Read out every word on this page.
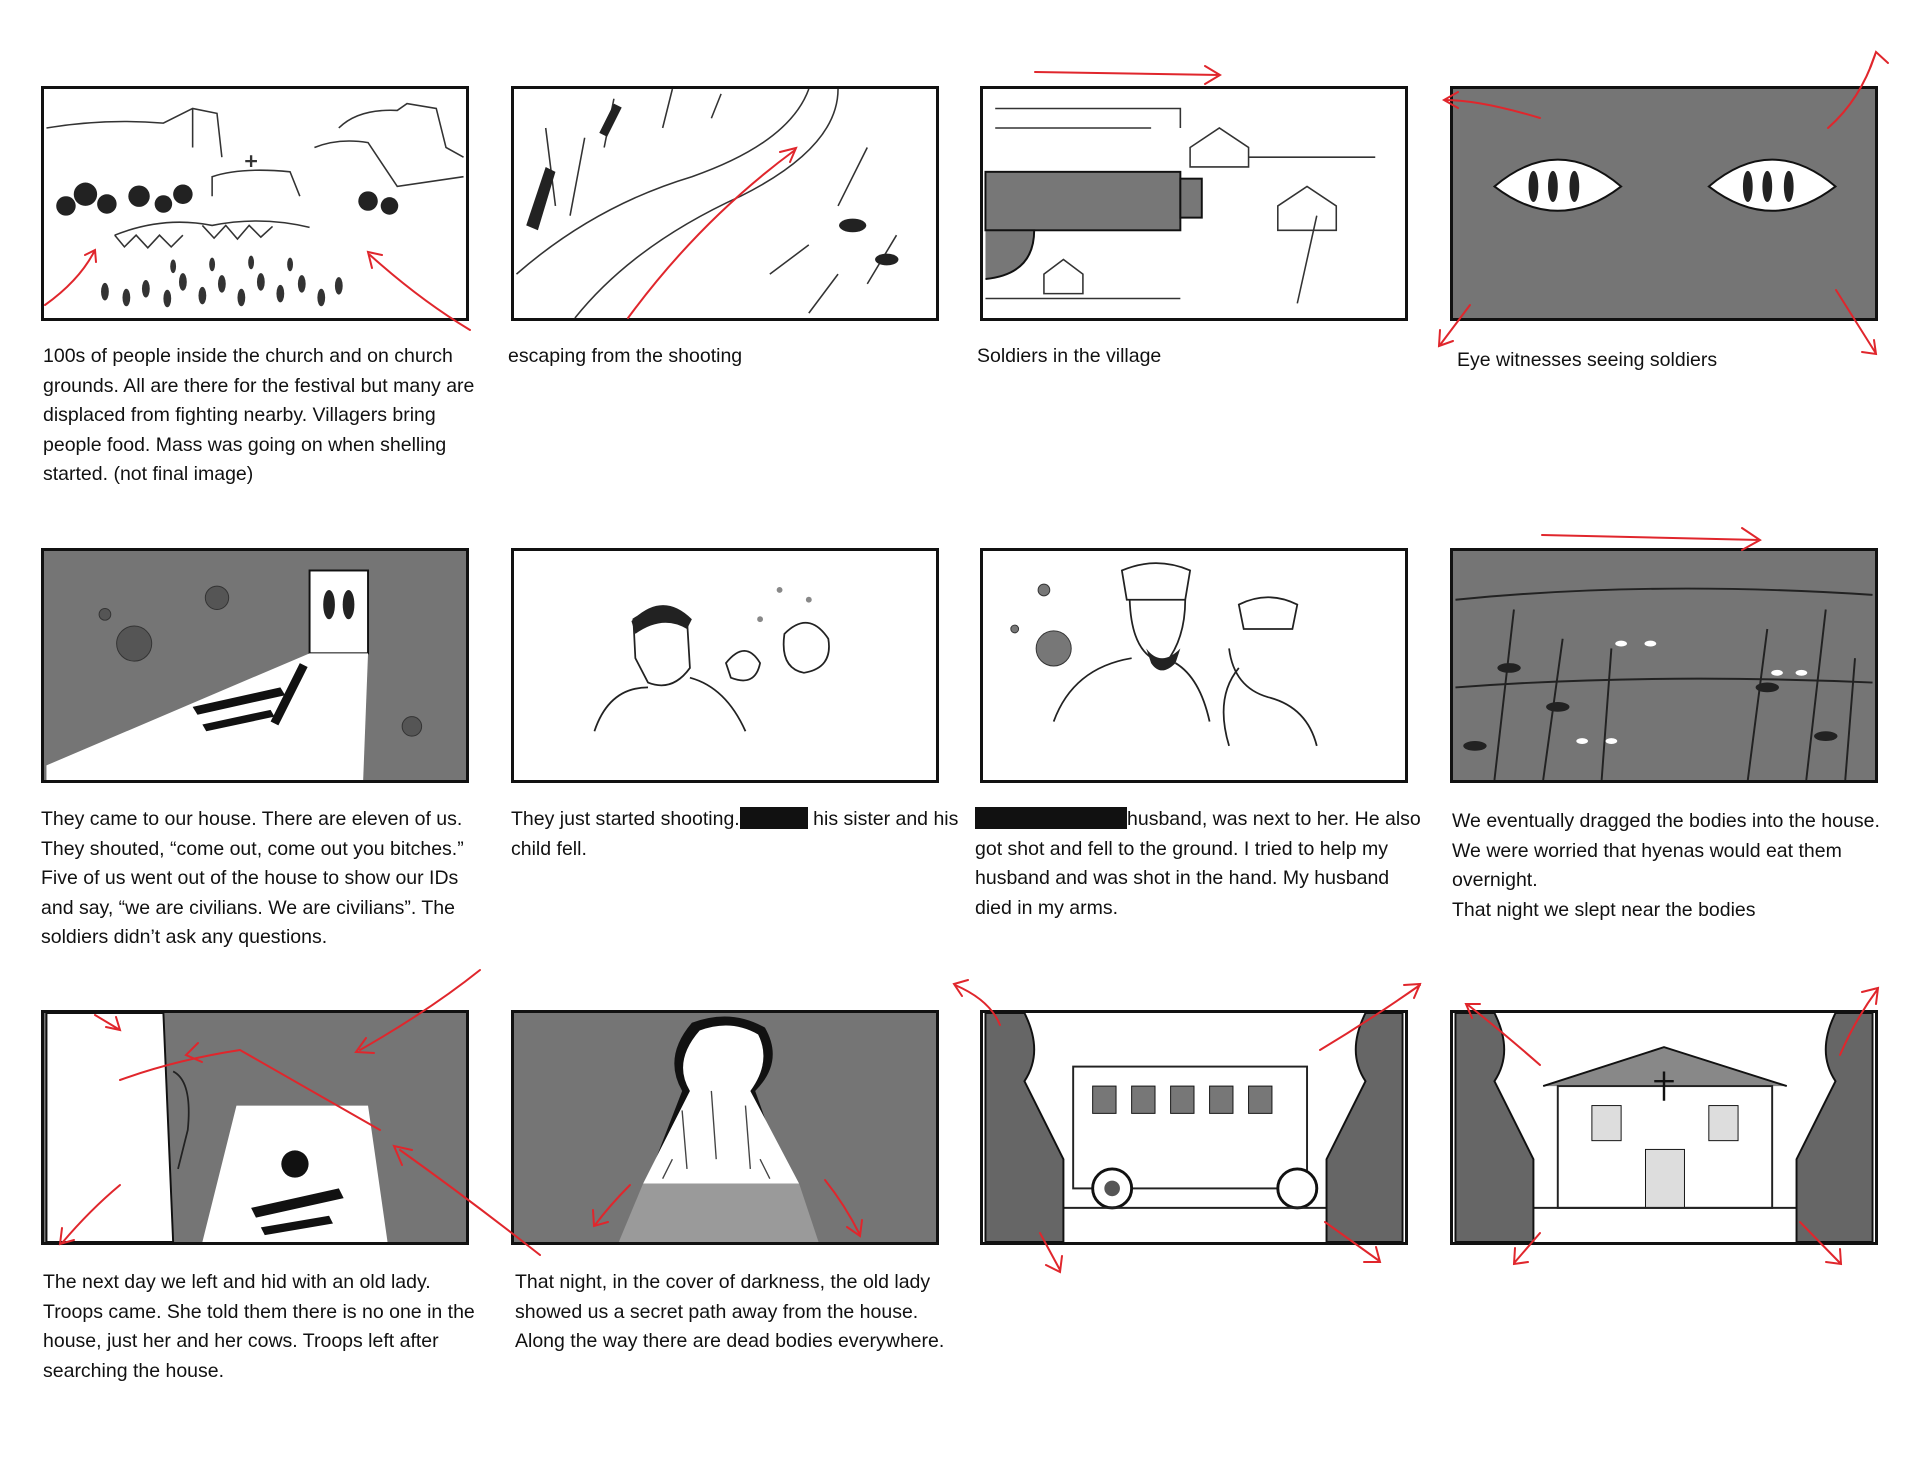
100s of people inside the church and on church grounds. All are there for the festival but many are displaced from fighting nearby. Villagers bring people food. Mass was going on when shelling started. (not final image)

escaping from the shooting	Soldiers in the village	Eye witnesses seeing soldiers

They came to our house. There are eleven of us. They shouted, “come out, come out you bitches.” Five of us went out of the house to show our IDs and say, “we are civilians. We are civilians”. The soldiers didn’t ask any questions.

They just started shooting.	his sister and his child fell.

husband, was next to her. He also got shot and fell to the ground. I tried to help my husband and was shot in the hand. My husband died in my arms.

We eventually dragged the bodies into the house. We were worried that hyenas would eat them overnight.

That night we slept near the bodies

The next day we left and hid with an old lady. Troops came. She told them there is no one in the house, just her and her cows. Troops left after searching the house.

That night, in the cover of darkness, the old lady showed us a secret path away from the house.

Along the way there are dead bodies everywhere.
